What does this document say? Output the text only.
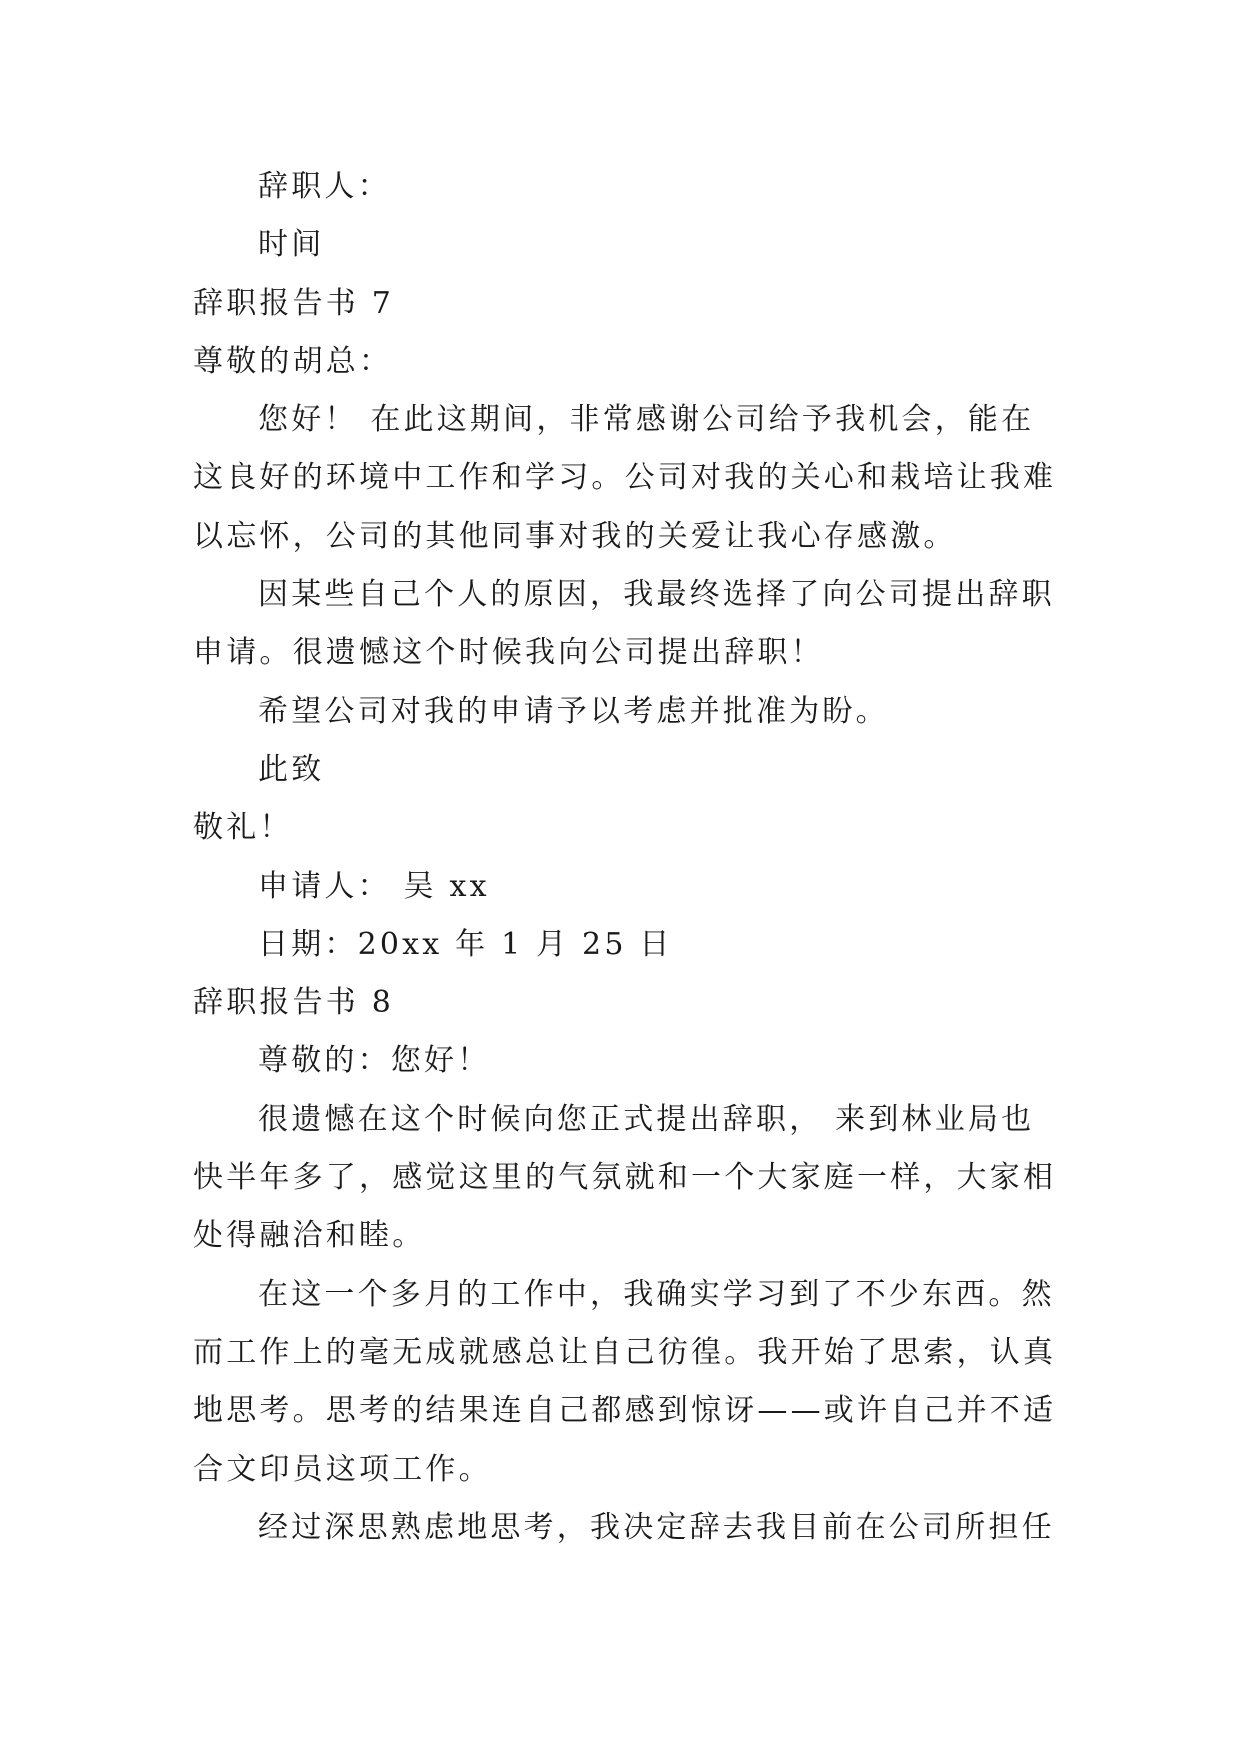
辞职人：
时间
辞职报告书 7
尊敬的胡总：
您好！ 在此这期间，非常感谢公司给予我机会，能在
这良好的环境中工作和学习。公司对我的关心和栽培让我难
以忘怀，公司的其他同事对我的关爱让我心存感激。
因某些自己个人的原因，我最终选择了向公司提出辞职
申请。很遗憾这个时候我向公司提出辞职！
希望公司对我的申请予以考虑并批准为盼。
此致
敬礼！
申请人： 吴 xx
日期：20xx 年 1 月 25 日
辞职报告书 8
尊敬的：您好！
很遗憾在这个时候向您正式提出辞职， 来到林业局也
快半年多了，感觉这里的气氛就和一个大家庭一样，大家相
处得融洽和睦。
在这一个多月的工作中，我确实学习到了不少东西。然
而工作上的毫无成就感总让自己彷徨。我开始了思索，认真
地思考。思考的结果连自己都感到惊讶——或许自己并不适
合文印员这项工作。
经过深思熟虑地思考，我决定辞去我目前在公司所担任
